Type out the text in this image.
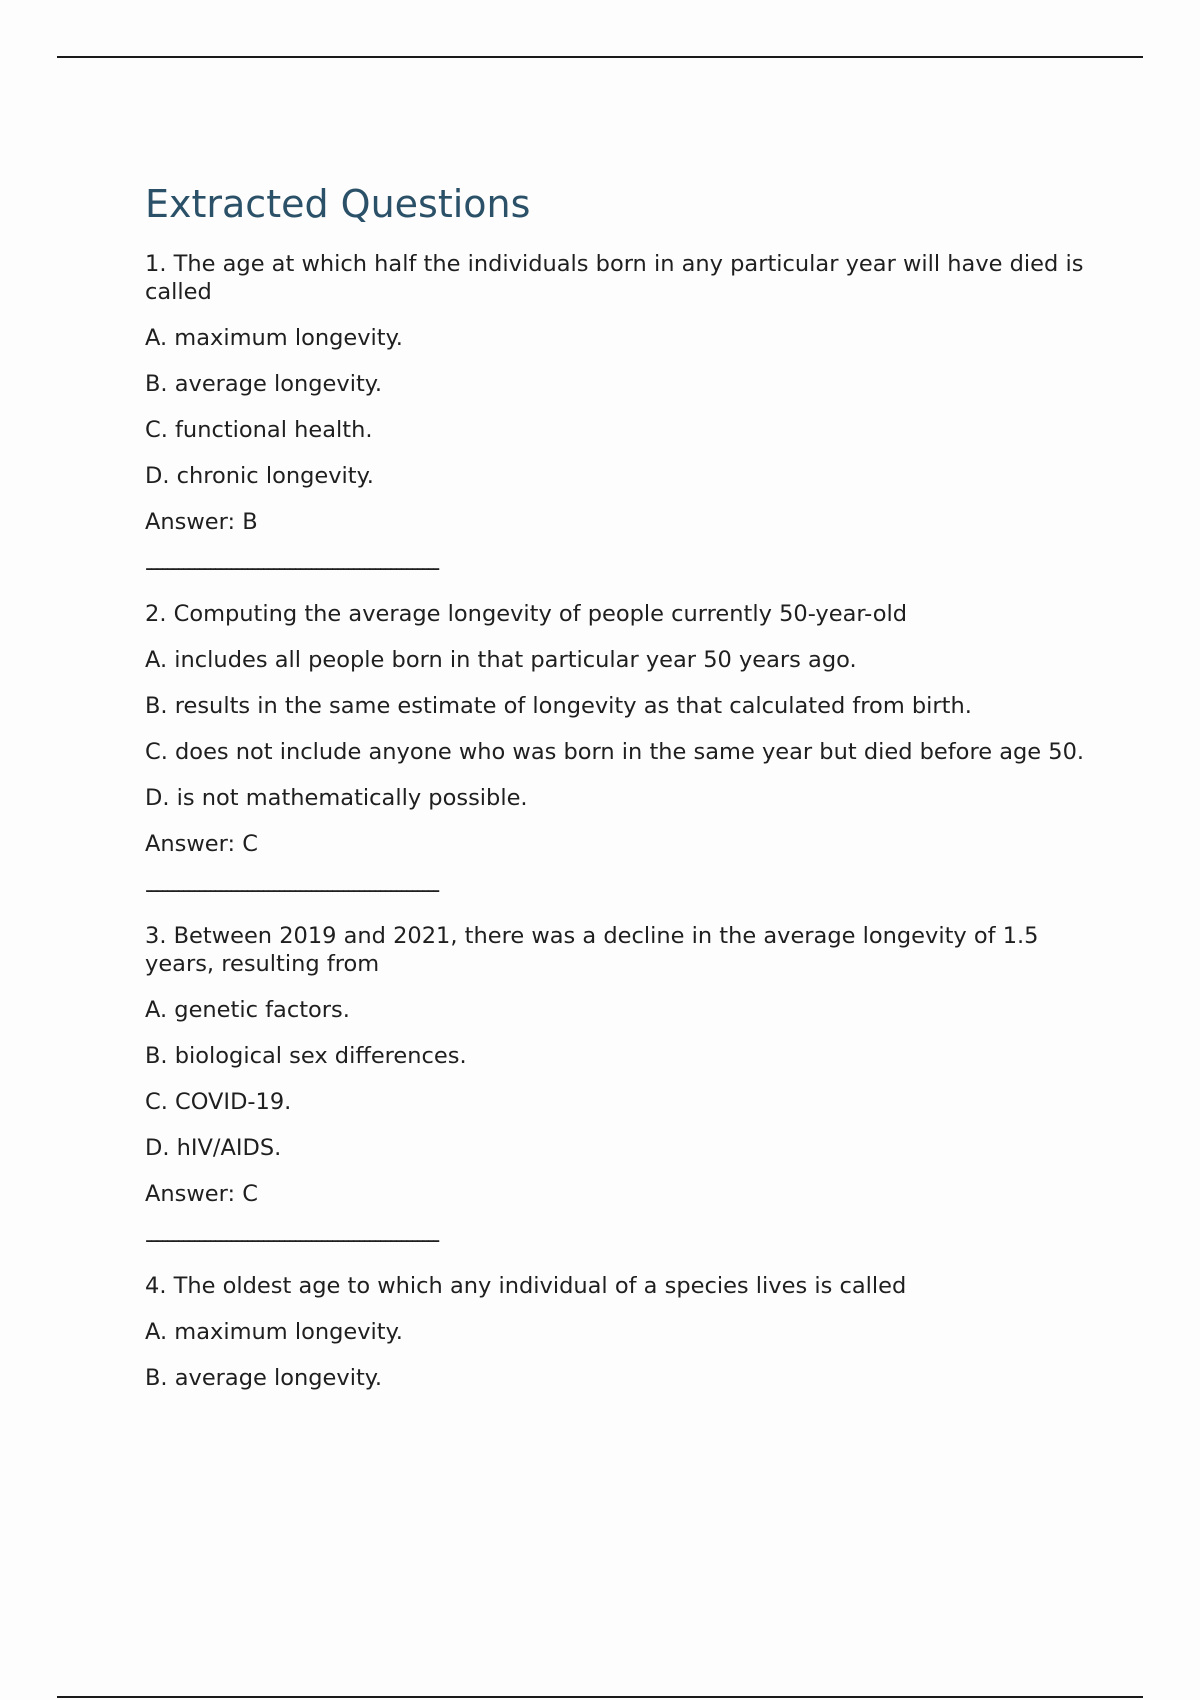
Extracted Questions

1. The age at which half the individuals born in any particular year will have died is called

A. maximum longevity.

B. average longevity.

C. functional health.

D. chronic longevity.

Answer: B

-------------------------------------------------------

2. Computing the average longevity of people currently 50-year-old

A. includes all people born in that particular year 50 years ago.

B. results in the same estimate of longevity as that calculated from birth.

C. does not include anyone who was born in the same year but died before age 50.

D. is not mathematically possible.

Answer: C

-------------------------------------------------------

3. Between 2019 and 2021, there was a decline in the average longevity of 1.5 years, resulting from

A. genetic factors.

B. biological sex differences.

C. COVID-19.

D. hIV/AIDS.

Answer: C

-------------------------------------------------------

4. The oldest age to which any individual of a species lives is called

A. maximum longevity.

B. average longevity.
